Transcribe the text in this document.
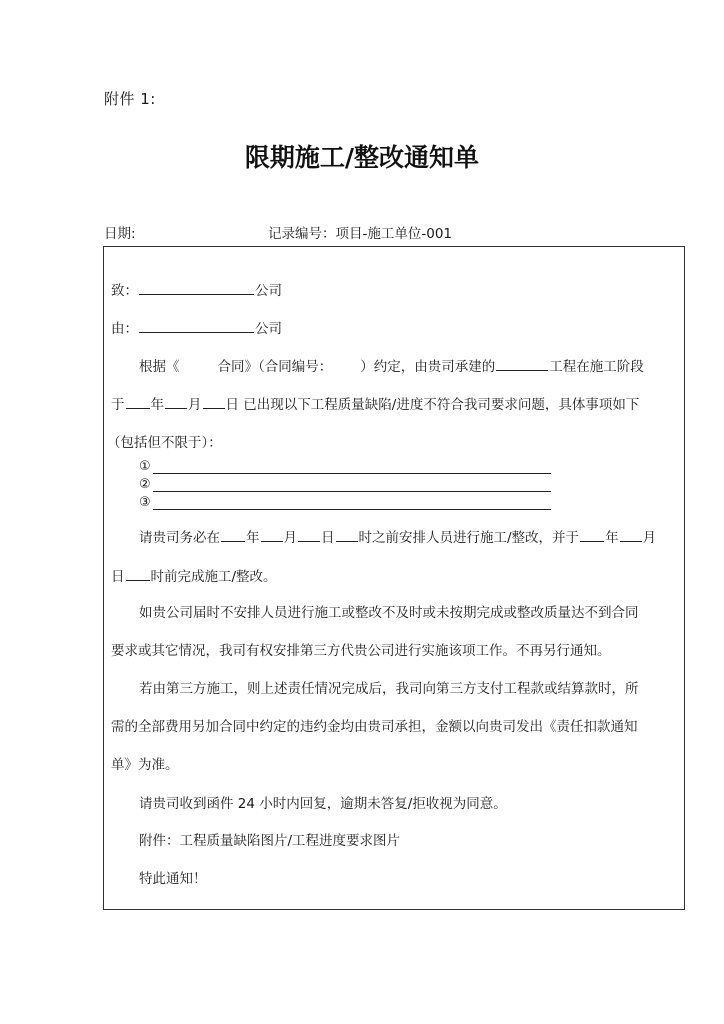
附件 1:
限期施工/整改通知单
日期:	记录编号：项目-施工单位-001
致：	公司
由：	公司
根据《	合同》（合同编号： ）约定，由贵司承建的	工程在施工阶段
于 年 月 日 已出现以下工程质量缺陷/进度不符合我司要求问题，具体事项如下
（包括但不限于）：
①
②
③
请贵司务必在 年 月 日 时之前安排人员进行施工/整改，并于 年 月
日 时前完成施工/整改。
如贵公司届时不安排人员进行施工或整改不及时或未按期完成或整改质量达不到合同
要求或其它情况，我司有权安排第三方代贵公司进行实施该项工作。不再另行通知。
若由第三方施工，则上述责任情况完成后，我司向第三方支付工程款或结算款时，所
需的全部费用另加合同中约定的违约金均由贵司承担，金额以向贵司发出《责任扣款通知
单》为准。
请贵司收到函件 24 小时内回复，逾期未答复/拒收视为同意。
附件：工程质量缺陷图片/工程进度要求图片
特此通知！
